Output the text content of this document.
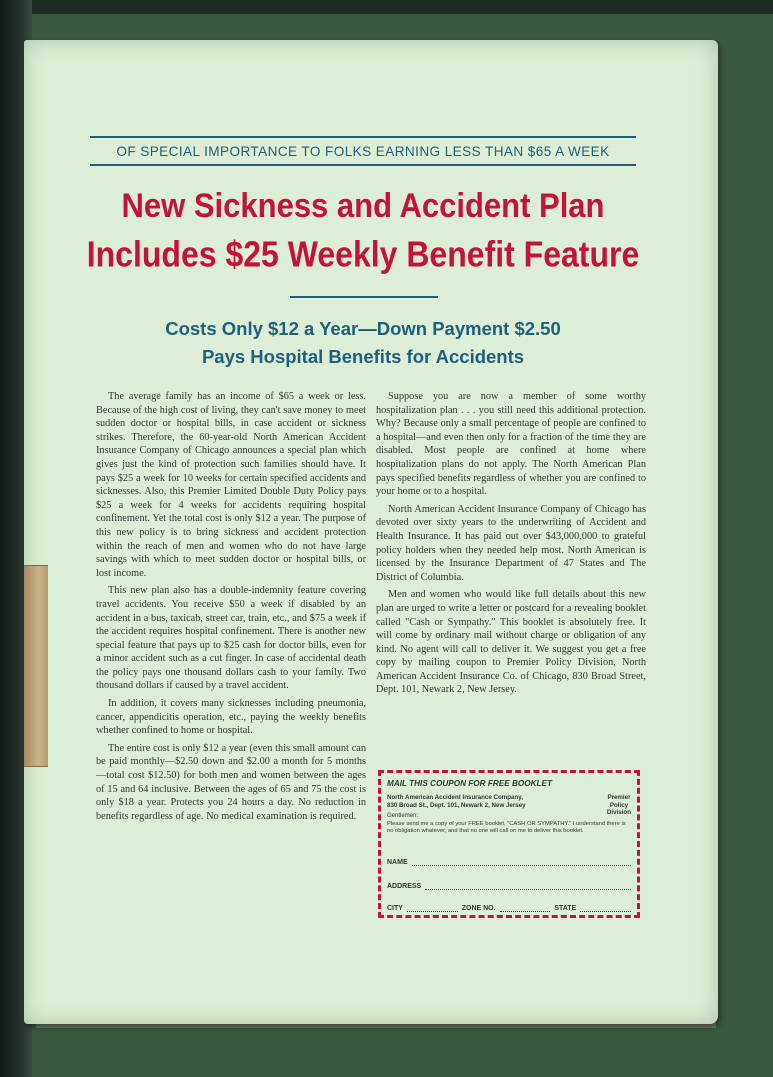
OF SPECIAL IMPORTANCE TO FOLKS EARNING LESS THAN $65 A WEEK
New Sickness and Accident Plan
Includes $25 Weekly Benefit Feature
Costs Only $12 a Year—Down Payment $2.50
Pays Hospital Benefits for Accidents

The average family has an income of $65 a week or less. Because of the high cost of living, they can't save money to meet sudden doctor or hospital bills, in case accident or sickness strikes. Therefore, the 60-year-old North American Accident Insurance Company of Chicago announces a special plan which gives just the kind of protection such families should have. It pays $25 a week for 10 weeks for certain specified accidents and sicknesses. Also, this Premier Limited Double Duty Policy pays $25 a week for 4 weeks for accidents requiring hospital confinement. Yet the total cost is only $12 a year. The purpose of this new policy is to bring sickness and accident protection within the reach of men and women who do not have large savings with which to meet sudden doctor or hospital bills, or lost income.

This new plan also has a double-indemnity feature covering travel accidents. You receive $50 a week if disabled by an accident in a bus, taxicab, street car, train, etc., and $75 a week if the accident requires hospital confinement. There is another new special feature that pays up to $25 cash for doctor bills, even for a minor accident such as a cut finger. In case of accidental death the policy pays one thousand dollars cash to your family. Two thousand dollars if caused by a travel accident.

In addition, it covers many sicknesses including pneumonia, cancer, appendicitis operation, etc., paying the weekly benefits whether confined to home or hospital.

The entire cost is only $12 a year (even this small amount can be paid monthly—$2.50 down and $2.00 a month for 5 months—total cost $12.50) for both men and women between the ages of 15 and 64 inclusive. Between the ages of 65 and 75 the cost is only $18 a year. Protects you 24 hours a day. No reduction in benefits regardless of age. No medical examination is required.

Suppose you are now a member of some worthy hospitalization plan . . . you still need this additional protection. Why? Because only a small percentage of people are confined to a hospital—and even then only for a fraction of the time they are disabled. Most people are confined at home where hospitalization plans do not apply. The North American Plan pays specified benefits regardless of whether you are confined to your home or to a hospital.

North American Accident Insurance Company of Chicago has devoted over sixty years to the underwriting of Accident and Health Insurance. It has paid out over $43,000,000 to grateful policy holders when they needed help most. North American is licensed by the Insurance Department of 47 States and The District of Columbia.

Men and women who would like full details about this new plan are urged to write a letter or postcard for a revealing booklet called "Cash or Sympathy." This booklet is absolutely free. It will come by ordinary mail without charge or obligation of any kind. No agent will call to deliver it. We suggest you get a free copy by mailing coupon to Premier Policy Division, North American Accident Insurance Co. of Chicago, 830 Broad Street, Dept. 101, Newark 2, New Jersey.

MAIL THIS COUPON FOR FREE BOOKLET
North American Accident Insurance Company,
830 Broad St., Dept. 101, Newark 2, New Jersey
Premier
Policy
Division
Gentlemen:
Please send me a copy of your FREE booklet, "CASH OR SYMPATHY." I understand there is no obligation whatever, and that no one will call on me to deliver this booklet.
NAME
ADDRESS
CITY	ZONE NO.	STATE
